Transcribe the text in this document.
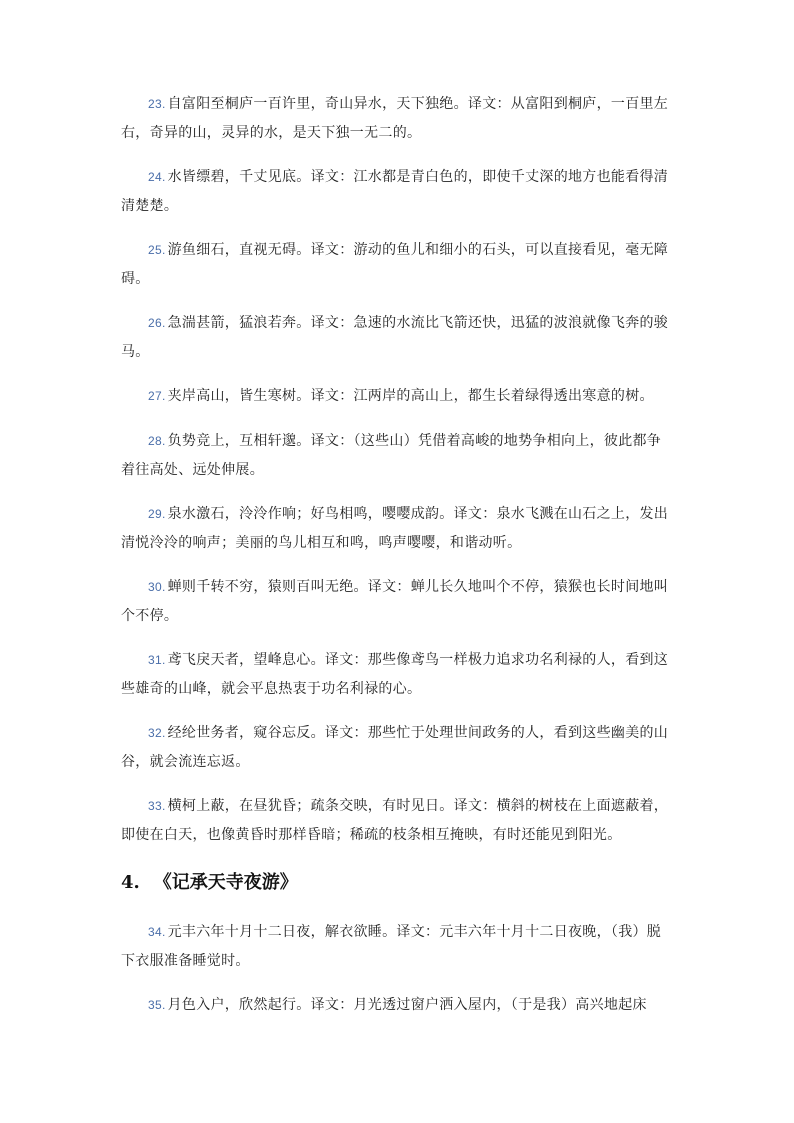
23. 自富阳至桐庐一百许里，奇山异水，天下独绝。译文：从富阳到桐庐，一百里左右，奇异的山，灵异的水，是天下独一无二的。

24. 水皆缥碧，千丈见底。译文：江水都是青白色的，即使千丈深的地方也能看得清清楚楚。

25. 游鱼细石，直视无碍。译文：游动的鱼儿和细小的石头，可以直接看见，毫无障碍。

26. 急湍甚箭，猛浪若奔。译文：急速的水流比飞箭还快，迅猛的波浪就像飞奔的骏马。

27. 夹岸高山，皆生寒树。译文：江两岸的高山上，都生长着绿得透出寒意的树。

28. 负势竞上，互相轩邈。译文：（这些山）凭借着高峻的地势争相向上，彼此都争着往高处、远处伸展。

29. 泉水激石，泠泠作响；好鸟相鸣，嘤嘤成韵。译文：泉水飞溅在山石之上，发出清悦泠泠的响声；美丽的鸟儿相互和鸣，鸣声嘤嘤，和谐动听。

30. 蝉则千转不穷，猿则百叫无绝。译文：蝉儿长久地叫个不停，猿猴也长时间地叫个不停。

31. 鸢飞戾天者，望峰息心。译文：那些像鸢鸟一样极力追求功名利禄的人，看到这些雄奇的山峰，就会平息热衷于功名利禄的心。

32. 经纶世务者，窥谷忘反。译文：那些忙于处理世间政务的人，看到这些幽美的山谷，就会流连忘返。

33. 横柯上蔽，在昼犹昏；疏条交映，有时见日。译文：横斜的树枝在上面遮蔽着，即使在白天，也像黄昏时那样昏暗；稀疏的枝条相互掩映，有时还能见到阳光。

4. 《记承天寺夜游》

34. 元丰六年十月十二日夜，解衣欲睡。译文：元丰六年十月十二日夜晚，（我）脱下衣服准备睡觉时。

35. 月色入户，欣然起行。译文：月光透过窗户洒入屋内，（于是我）高兴地起床
